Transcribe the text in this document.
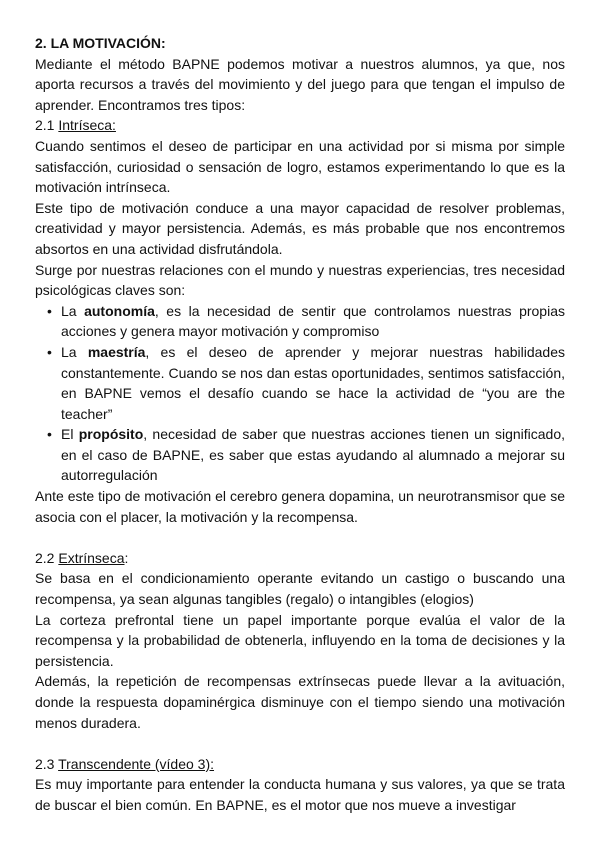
2. LA MOTIVACIÓN:

Mediante el método BAPNE podemos motivar a nuestros alumnos, ya que, nos aporta recursos a través del movimiento y del juego para que tengan el impulso de aprender. Encontramos tres tipos:

2.1 Intríseca:

Cuando sentimos el deseo de participar en una actividad por si misma por simple satisfacción, curiosidad o sensación de logro, estamos experimentando lo que es la motivación intrínseca.

Este tipo de motivación conduce a una mayor capacidad de resolver problemas, creatividad y mayor persistencia. Además, es más probable que nos encontremos absortos en una actividad disfrutándola.

Surge por nuestras relaciones con el mundo y nuestras experiencias, tres necesidad psicológicas claves son:

• La autonomía, es la necesidad de sentir que controlamos nuestras propias acciones y genera mayor motivación y compromiso
• La maestría, es el deseo de aprender y mejorar nuestras habilidades constantemente. Cuando se nos dan estas oportunidades, sentimos satisfacción, en BAPNE vemos el desafío cuando se hace la actividad de “you are the teacher”
• El propósito, necesidad de saber que nuestras acciones tienen un significado, en el caso de BAPNE, es saber que estas ayudando al alumnado a mejorar su autorregulación

Ante este tipo de motivación el cerebro genera dopamina, un neurotransmisor que se asocia con el placer, la motivación y la recompensa.

2.2 Extrínseca:

Se basa en el condicionamiento operante evitando un castigo o buscando una recompensa, ya sean algunas tangibles (regalo) o intangibles (elogios)

La corteza prefrontal tiene un papel importante porque evalúa el valor de la recompensa y la probabilidad de obtenerla, influyendo en la toma de decisiones y la persistencia.

Además, la repetición de recompensas extrínsecas puede llevar a la avituación, donde la respuesta dopaminérgica disminuye con el tiempo siendo una motivación menos duradera.

2.3 Transcendente (vídeo 3):

Es muy importante para entender la conducta humana y sus valores, ya que se trata de buscar el bien común. En BAPNE, es el motor que nos mueve a investigar
